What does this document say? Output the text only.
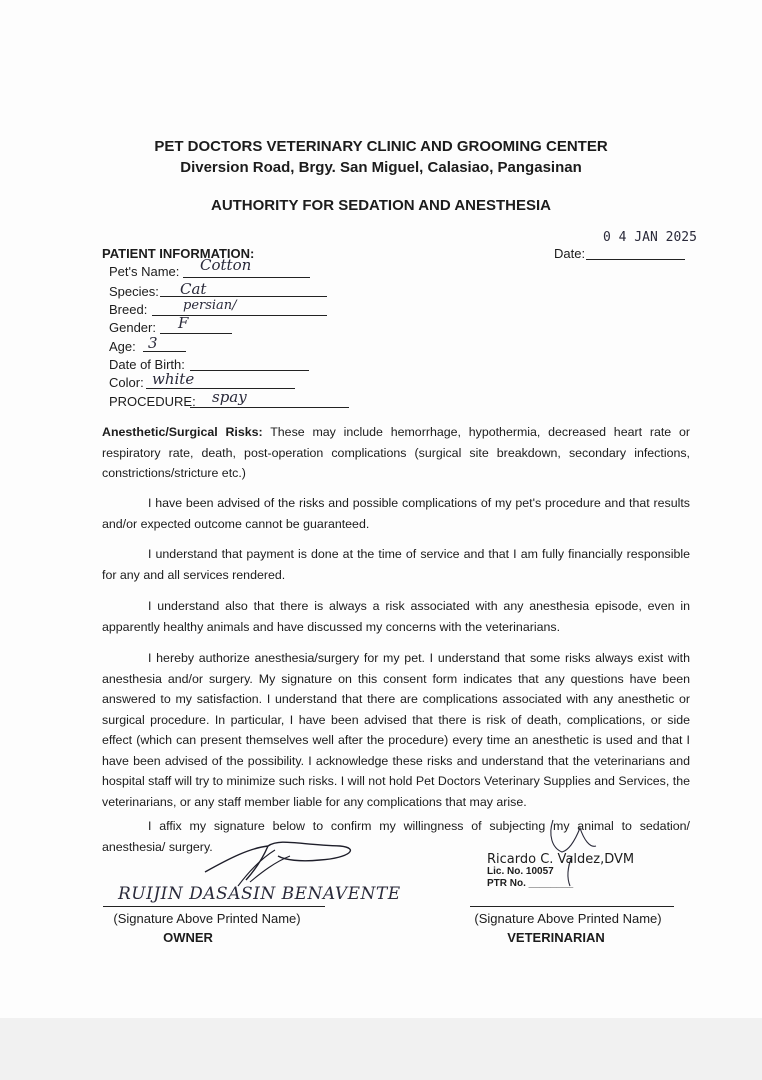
PET DOCTORS VETERINARY CLINIC AND GROOMING CENTER
Diversion Road, Brgy. San Miguel, Calasiao, Pangasinan
AUTHORITY FOR SEDATION AND ANESTHESIA
0 4 JAN 2025
Date:
PATIENT INFORMATION:
Pet's Name: Cotton
Species: Cat
Breed:	persian/
Gender: F
Age: 3
Date of Birth:
Color: white
PROCEDURE: spay
Anesthetic/Surgical Risks: These may include hemorrhage, hypothermia, decreased heart rate or respiratory rate, death, post-operation complications (surgical site breakdown, secondary infections, constrictions/stricture etc.)
I have been advised of the risks and possible complications of my pet's procedure and that results and/or expected outcome cannot be guaranteed.
I understand that payment is done at the time of service and that I am fully financially responsible for any and all services rendered.
I understand also that there is always a risk associated with any anesthesia episode, even in apparently healthy animals and have discussed my concerns with the veterinarians.
I hereby authorize anesthesia/surgery for my pet. I understand that some risks always exist with anesthesia and/or surgery. My signature on this consent form indicates that any questions have been answered to my satisfaction. I understand that there are complications associated with any anesthetic or surgical procedure. In particular, I have been advised that there is risk of death, complications, or side effect (which can present themselves well after the procedure) every time an anesthetic is used and that I have been advised of the possibility. I acknowledge these risks and understand that the veterinarians and hospital staff will try to minimize such risks. I will not hold Pet Doctors Veterinary Supplies and Services, the veterinarians, or any staff member liable for any complications that may arise.
I affix my signature below to confirm my willingness of subjecting my animal to sedation/ anesthesia/ surgery.
RUIJIN DASASIN BENAVENTE
(Signature Above Printed Name)
OWNER
Ricardo C. Valdez,DVM
Lic. No. 10057
PTR No. ________
(Signature Above Printed Name)
VETERINARIAN
